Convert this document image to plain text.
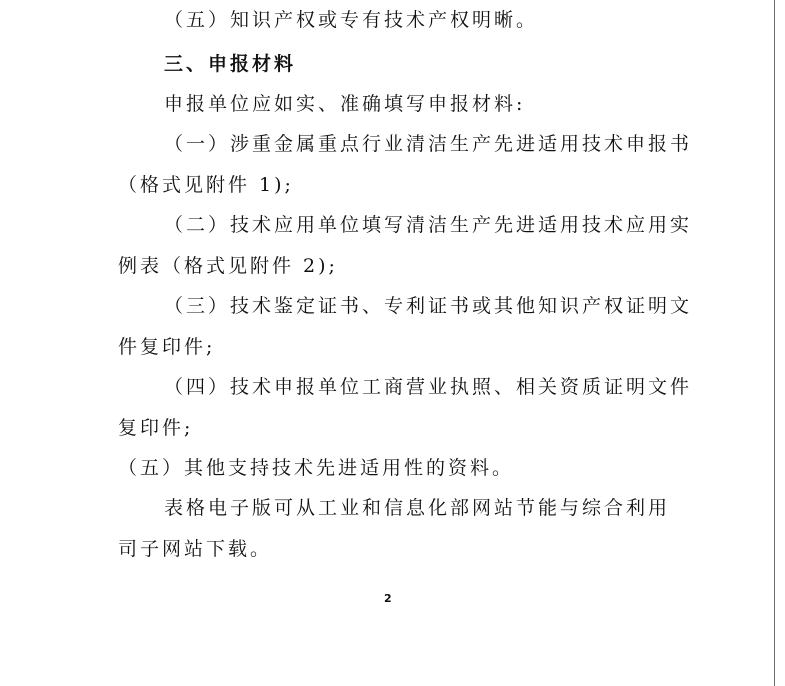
（五）知识产权或专有技术产权明晰。
三、申报材料
申报单位应如实、准确填写申报材料:
（一）涉重金属重点行业清洁生产先进适用技术申报书
（格式见附件 1);
（二）技术应用单位填写清洁生产先进适用技术应用实
例表（格式见附件 2);
（三）技术鉴定证书、专利证书或其他知识产权证明文
件复印件;
（四）技术申报单位工商营业执照、相关资质证明文件
复印件;
（五）其他支持技术先进适用性的资料。
表格电子版可从工业和信息化部网站节能与综合利用
司子网站下载。
2
